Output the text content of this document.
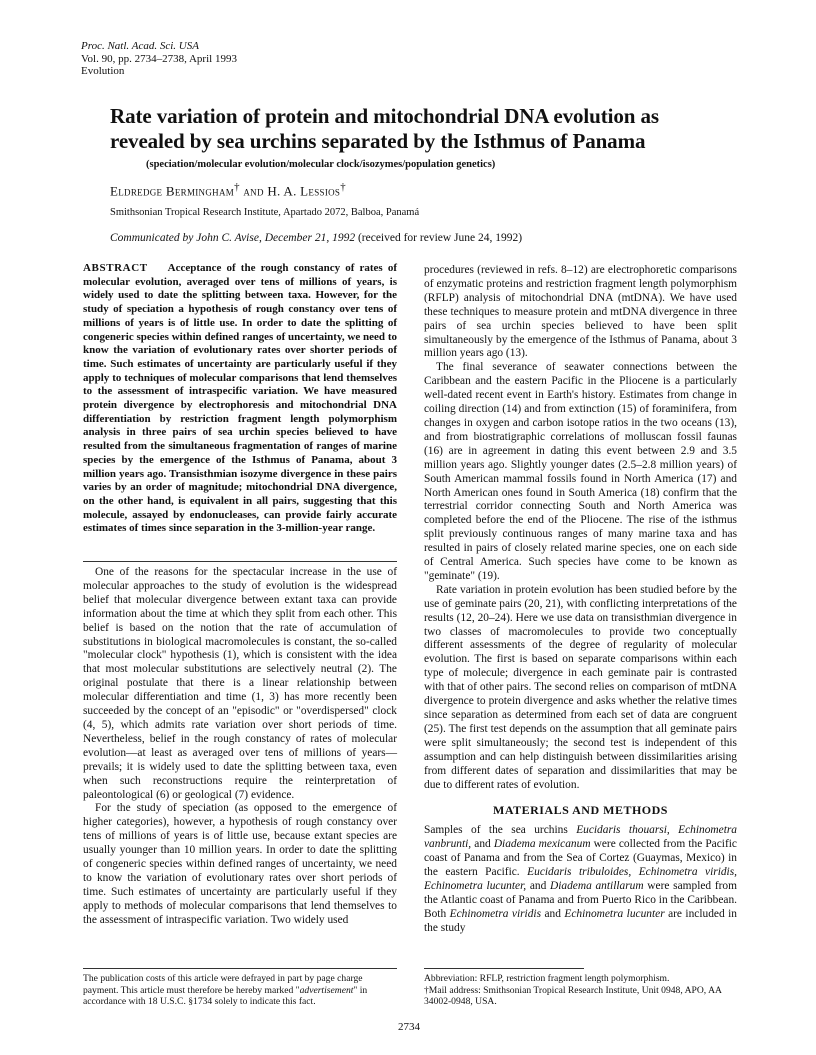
Proc. Natl. Acad. Sci. USA
Vol. 90, pp. 2734–2738, April 1993
Evolution
Rate variation of protein and mitochondrial DNA evolution as revealed by sea urchins separated by the Isthmus of Panama
(speciation/molecular evolution/molecular clock/isozymes/population genetics)
Eldredge Bermingham† and H. A. Lessios†
Smithsonian Tropical Research Institute, Apartado 2072, Balboa, Panamá
Communicated by John C. Avise, December 21, 1992 (received for review June 24, 1992)
ABSTRACT Acceptance of the rough constancy of rates of molecular evolution, averaged over tens of millions of years, is widely used to date the splitting between taxa. However, for the study of speciation a hypothesis of rough constancy over tens of millions of years is of little use. In order to date the splitting of congeneric species within defined ranges of uncertainty, we need to know the variation of evolutionary rates over shorter periods of time. Such estimates of uncertainty are particularly useful if they apply to techniques of molecular comparisons that lend themselves to the assessment of intraspecific variation. We have measured protein divergence by electrophoresis and mitochondrial DNA differentiation by restriction fragment length polymorphism analysis in three pairs of sea urchin species believed to have resulted from the simultaneous fragmentation of ranges of marine species by the emergence of the Isthmus of Panama, about 3 million years ago. Transisthmian isozyme divergence in these pairs varies by an order of magnitude; mitochondrial DNA divergence, on the other hand, is equivalent in all pairs, suggesting that this molecule, assayed by endonucleases, can provide fairly accurate estimates of times since separation in the 3-million-year range.

One of the reasons for the spectacular increase in the use of molecular approaches to the study of evolution is the widespread belief that molecular divergence between extant taxa can provide information about the time at which they split from each other. This belief is based on the notion that the rate of accumulation of substitutions in biological macromolecules is constant, the so-called "molecular clock" hypothesis (1), which is consistent with the idea that most molecular substitutions are selectively neutral (2). The original postulate that there is a linear relationship between molecular differentiation and time (1, 3) has more recently been succeeded by the concept of an "episodic" or "overdispersed" clock (4, 5), which admits rate variation over short periods of time. Nevertheless, belief in the rough constancy of rates of molecular evolution—at least as averaged over tens of millions of years—prevails; it is widely used to date the splitting between taxa, even when such reconstructions require the reinterpretation of paleontological (6) or geological (7) evidence.

For the study of speciation (as opposed to the emergence of higher categories), however, a hypothesis of rough constancy over tens of millions of years is of little use, because extant species are usually younger than 10 million years. In order to date the splitting of congeneric species within defined ranges of uncertainty, we need to know the variation of evolutionary rates over short periods of time. Such estimates of uncertainty are particularly useful if they apply to methods of molecular comparisons that lend themselves to the assessment of intraspecific variation. Two widely used

procedures (reviewed in refs. 8–12) are electrophoretic comparisons of enzymatic proteins and restriction fragment length polymorphism (RFLP) analysis of mitochondrial DNA (mtDNA). We have used these techniques to measure protein and mtDNA divergence in three pairs of sea urchin species believed to have been split simultaneously by the emergence of the Isthmus of Panama, about 3 million years ago (13).

The final severance of seawater connections between the Caribbean and the eastern Pacific in the Pliocene is a particularly well-dated recent event in Earth's history. Estimates from change in coiling direction (14) and from extinction (15) of foraminifera, from changes in oxygen and carbon isotope ratios in the two oceans (13), and from biostratigraphic correlations of molluscan fossil faunas (16) are in agreement in dating this event between 2.9 and 3.5 million years ago. Slightly younger dates (2.5–2.8 million years) of South American mammal fossils found in North America (17) and North American ones found in South America (18) confirm that the terrestrial corridor connecting South and North America was completed before the end of the Pliocene. The rise of the isthmus split previously continuous ranges of many marine taxa and has resulted in pairs of closely related marine species, one on each side of Central America. Such species have come to be known as "geminate" (19).

Rate variation in protein evolution has been studied before by the use of geminate pairs (20, 21), with conflicting interpretations of the results (12, 20–24). Here we use data on transisthmian divergence in two classes of macromolecules to provide two conceptually different assessments of the degree of regularity of molecular evolution. The first is based on separate comparisons within each type of molecule; divergence in each geminate pair is contrasted with that of other pairs. The second relies on comparison of mtDNA divergence to protein divergence and asks whether the relative times since separation as determined from each set of data are congruent (25). The first test depends on the assumption that all geminate pairs were split simultaneously; the second test is independent of this assumption and can help distinguish between dissimilarities arising from different dates of separation and dissimilarities that may be due to different rates of evolution.

MATERIALS AND METHODS

Samples of the sea urchins Eucidaris thouarsi, Echinometra vanbrunti, and Diadema mexicanum were collected from the Pacific coast of Panama and from the Sea of Cortez (Guaymas, Mexico) in the eastern Pacific. Eucidaris tribuloides, Echinometra viridis, Echinometra lucunter, and Diadema antillarum were sampled from the Atlantic coast of Panama and from Puerto Rico in the Caribbean. Both Echinometra viridis and Echinometra lucunter are included in the study

The publication costs of this article were defrayed in part by page charge payment. This article must therefore be hereby marked "advertisement" in accordance with 18 U.S.C. §1734 solely to indicate this fact.
Abbreviation: RFLP, restriction fragment length polymorphism.
†Mail address: Smithsonian Tropical Research Institute, Unit 0948, APO, AA 34002-0948, USA.
2734
